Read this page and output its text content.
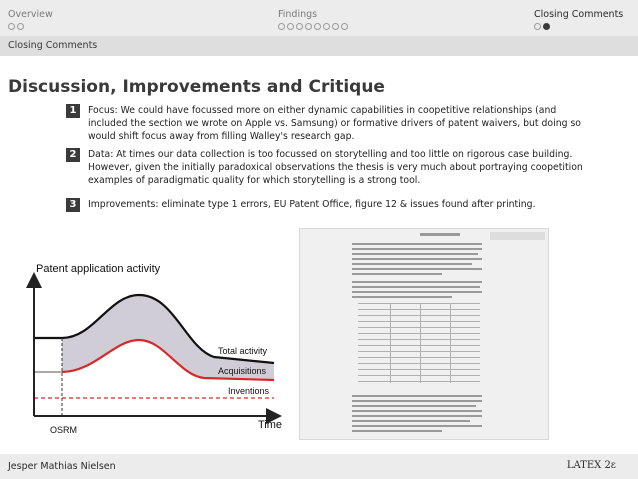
Overview	Findings	Closing Comments
Closing Comments
Discussion, Improvements and Critique
1	Focus: We could have focussed more on either dynamic capabilities in coopetitive relationships (and included the section we wrote on Apple vs. Samsung) or formative drivers of patent waivers, but doing so would shift focus away from filling Walley's research gap.
2	Data: At times our data collection is too focussed on storytelling and too little on rigorous case building. However, given the initially paradoxical observations the thesis is very much about portraying coopetition examples of paradigmatic quality for which storytelling is a strong tool.
3	Improvements: eliminate type 1 errors, EU Patent Office, figure 12 & issues found after printing.
Patent application activity
Time
OSRM
Total activity
Acquisitions
Inventions
Jesper Mathias Nielsen	LATEX 2ε
